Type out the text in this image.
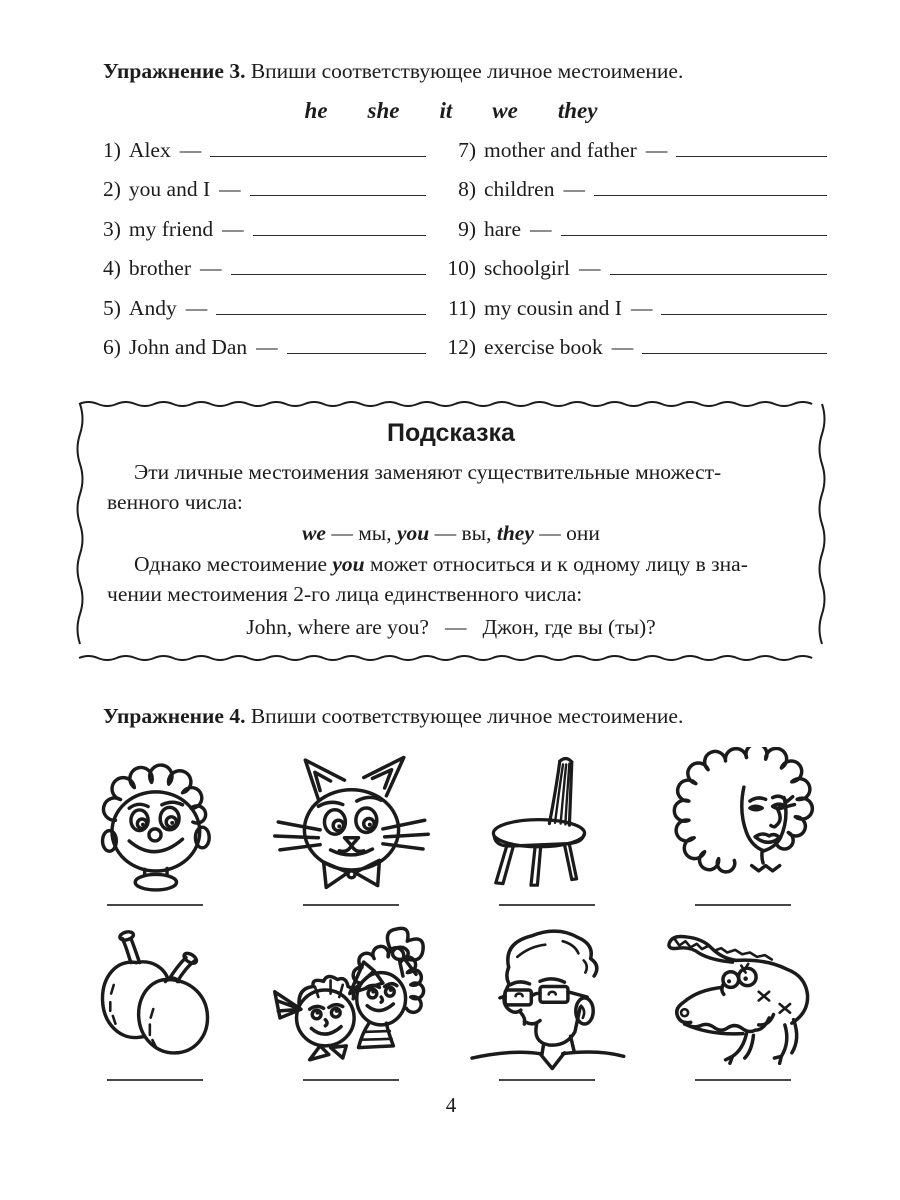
Упражнение 3. Впиши соответствующее личное местоимение.
he she it we they
1) Alex —
2) you and I —
3) my friend —
4) brother —
5) Andy —
6) John and Dan —
7) mother and father —
8) children —
9) hare —
10) schoolgirl —
11) my cousin and I —
12) exercise book —
Подсказка
Эти личные местоимения заменяют существительные множест-
венного числа:
we — мы, you — вы, they — они
Однако местоимение you может относиться и к одному лицу в зна-
чении местоимения 2-го лица единственного числа:
John, where are you? — Джон, где вы (ты)?
Упражнение 4. Впиши соответствующее личное местоимение.
4
